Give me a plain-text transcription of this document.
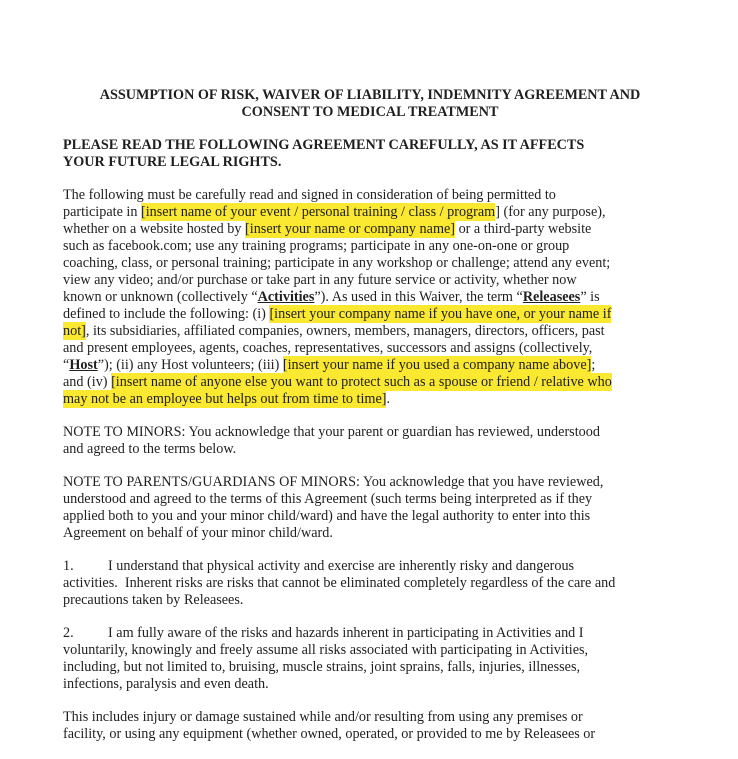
ASSUMPTION OF RISK, WAIVER OF LIABILITY, INDEMNITY AGREEMENT AND
CONSENT TO MEDICAL TREATMENT
PLEASE READ THE FOLLOWING AGREEMENT CAREFULLY, AS IT AFFECTS
YOUR FUTURE LEGAL RIGHTS.
The following must be carefully read and signed in consideration of being permitted to
participate in [insert name of your event / personal training / class / program] (for any purpose),
whether on a website hosted by [insert your name or company name] or a third-party website
such as facebook.com; use any training programs; participate in any one-on-one or group
coaching, class, or personal training; participate in any workshop or challenge; attend any event;
view any video; and/or purchase or take part in any future service or activity, whether now
known or unknown (collectively “Activities”). As used in this Waiver, the term “Releasees” is
defined to include the following: (i) [insert your company name if you have one, or your name if
not], its subsidiaries, affiliated companies, owners, members, managers, directors, officers, past
and present employees, agents, coaches, representatives, successors and assigns (collectively,
“Host”); (ii) any Host volunteers; (iii) [insert your name if you used a company name above];
and (iv) [insert name of anyone else you want to protect such as a spouse or friend / relative who
may not be an employee but helps out from time to time].
NOTE TO MINORS: You acknowledge that your parent or guardian has reviewed, understood
and agreed to the terms below.
NOTE TO PARENTS/GUARDIANS OF MINORS: You acknowledge that you have reviewed,
understood and agreed to the terms of this Agreement (such terms being interpreted as if they
applied both to you and your minor child/ward) and have the legal authority to enter into this
Agreement on behalf of your minor child/ward.
1. I understand that physical activity and exercise are inherently risky and dangerous
activities.  Inherent risks are risks that cannot be eliminated completely regardless of the care and
precautions taken by Releasees.
2. I am fully aware of the risks and hazards inherent in participating in Activities and I
voluntarily, knowingly and freely assume all risks associated with participating in Activities,
including, but not limited to, bruising, muscle strains, joint sprains, falls, injuries, illnesses,
infections, paralysis and even death.
This includes injury or damage sustained while and/or resulting from using any premises or
facility, or using any equipment (whether owned, operated, or provided to me by Releasees or
